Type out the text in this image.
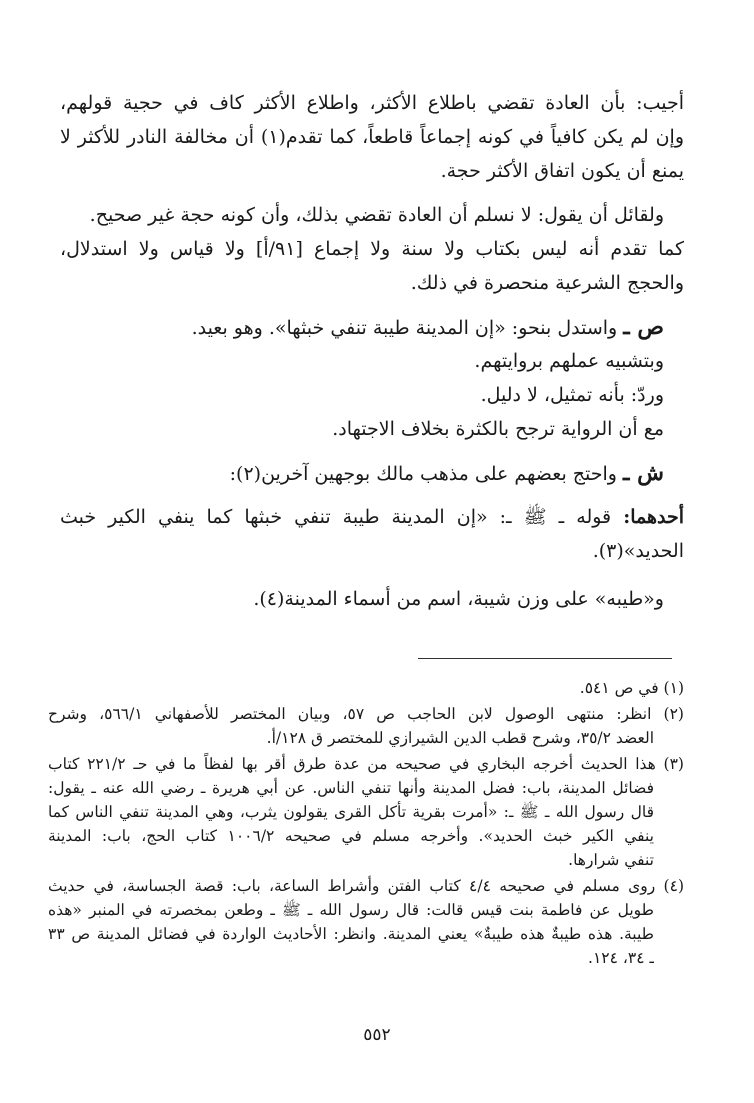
أجيب: بأن العادة تقضي باطلاع الأكثر، واطلاع الأكثر كاف في حجية قولهم،
وإن لم يكن كافياً في كونه إجماعاً قاطعاً، كما تقدم(١) أن مخالفة النادر للأكثر لا
يمنع أن يكون اتفاق الأكثر حجة.
ولقائل أن يقول: لا نسلم أن العادة تقضي بذلك، وأن كونه حجة غير صحيح.
كما تقدم أنه ليس بكتاب ولا سنة ولا إجماع [٩١/أ] ولا قياس ولا استدلال،
والحجج الشرعية منحصرة في ذلك.
ص ـ واستدل بنحو: «إن المدينة طيبة تنفي خبثها». وهو بعيد.
وبتشبيه عملهم بروايتهم.
وردّ: بأنه تمثيل، لا دليل.
مع أن الرواية ترجح بالكثرة بخلاف الاجتهاد.
ش ـ واحتج بعضهم على مذهب مالك بوجهين آخرين(٢):
أحدهما: قوله ـ ﷺ ـ: «إن المدينة طيبة تنفي خبثها كما ينفي الكير خبث
الحديد»(٣).
و«طيبه» على وزن شيبة، اسم من أسماء المدينة(٤).
(١) في ص ٥٤١.
(٢) انظر: منتهى الوصول لابن الحاجب ص ٥٧، وبيان المختصر للأصفهاني ٥٦٦/١، وشرح
العضد ٣٥/٢، وشرح قطب الدين الشيرازي للمختصر ق ١٢٨/أ.
(٣) هذا الحديث أخرجه البخاري في صحيحه من عدة طرق أقر بها لفظاً ما في حـ ٢٢١/٢ كتاب
فضائل المدينة، باب: فضل المدينة وأنها تنفي الناس. عن أبي هريرة ـ رضي الله عنه ـ يقول:
قال رسول الله ـ ﷺ ـ: «أمرت بقرية تأكل القرى يقولون يثرب، وهي المدينة تنفي الناس كما
ينفي الكير خبث الحديد». وأخرجه مسلم في صحيحه ١٠٠٦/٢ كتاب الحج، باب: المدينة
تنفي شرارها.
(٤) روى مسلم في صحيحه ٤/٤ كتاب الفتن وأشراط الساعة، باب: قصة الجساسة، في حديث
طويل عن فاطمة بنت قيس قالت: قال رسول الله ـ ﷺ ـ وطعن بمخصرته في المنبر «هذه
طيبة. هذه طيبةٌ هذه طيبةٌ» يعني المدينة. وانظر: الأحاديث الواردة في فضائل المدينة ص ٣٣
ـ ٣٤، ١٢٤.
٥٥٢
